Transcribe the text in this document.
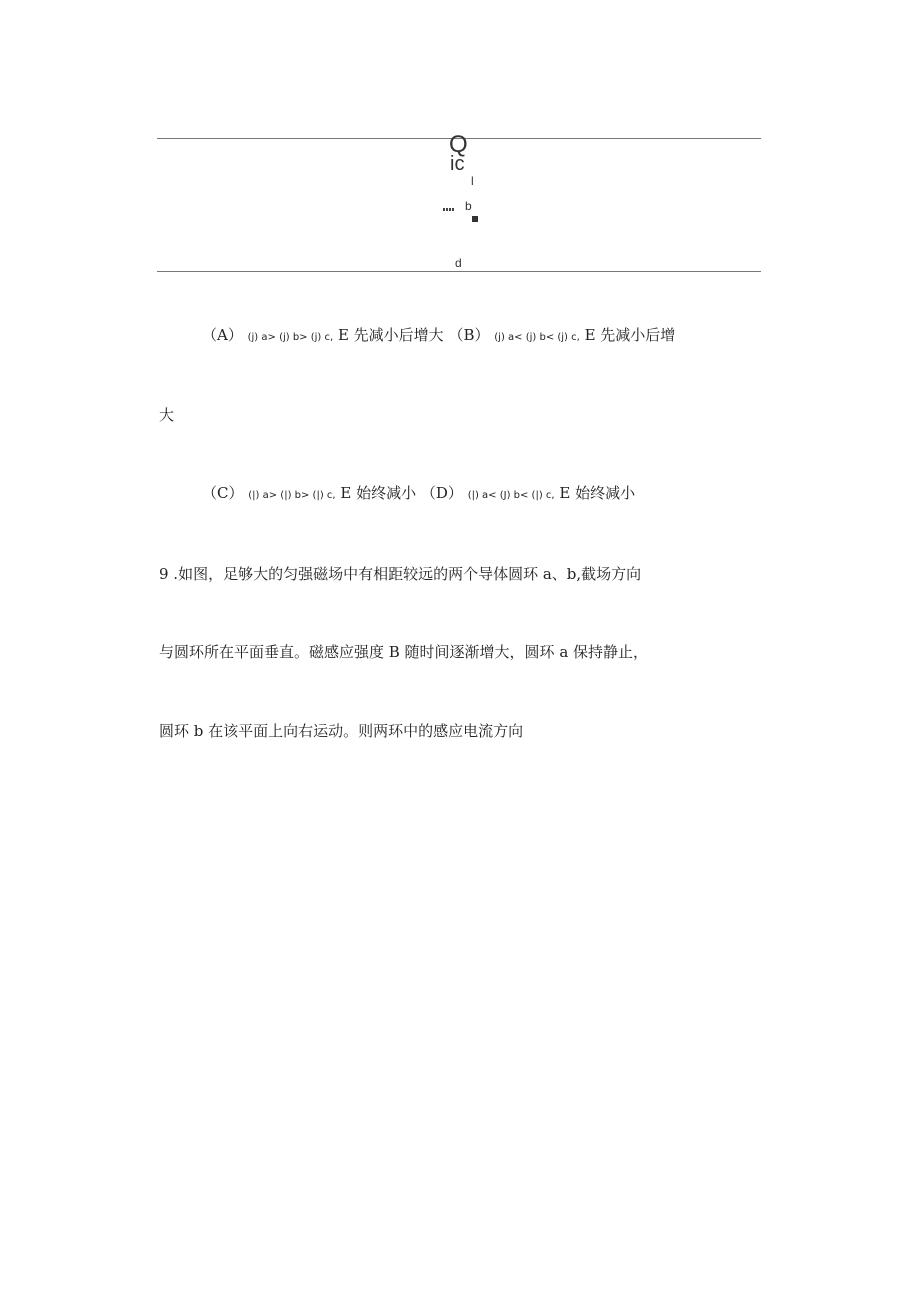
Q
ic
l
b
d
（A） (j) a> (j) b> (j) c, E 先减小后增大 （B） (j) a< (j) b< (j) c, E 先减小后增
大
（C） (|) a> (|) b> (|) c, E 始终减小 （D） (|) a< (J) b< (|) c, E 始终减小
9 .如图，足够大的匀强磁场中有相距较远的两个导体圆环 a、b,截场方向
与圆环所在平面垂直。磁感应强度 B 随时间逐渐增大，圆环 a 保持静止，
圆环 b 在该平面上向右运动。则两环中的感应电流方向
